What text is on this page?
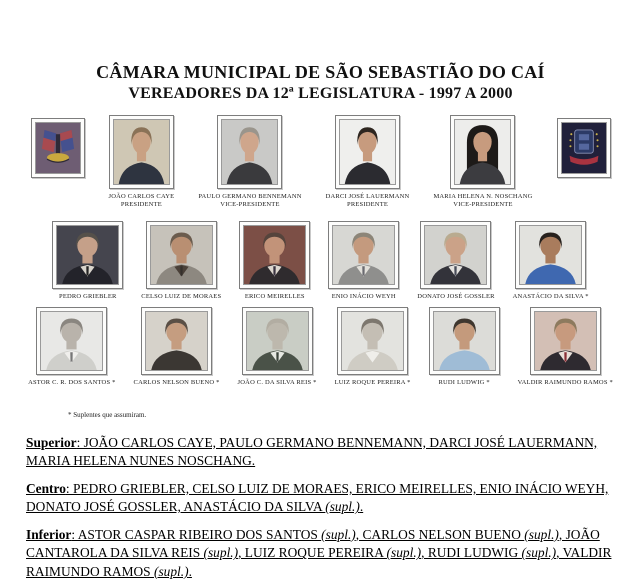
CÂMARA MUNICIPAL DE SÃO SEBASTIÃO DO CAÍ
VEREADORES DA 12ª LEGISLATURA - 1997 A 2000
JOÃO CARLOS CAYE
PRESIDENTE
PAULO GERMANO BENNEMANN
VICE-PRESIDENTE
DARCI JOSÉ LAUERMANN
PRESIDENTE
MARIA HELENA N. NOSCHANG
VICE-PRESIDENTE
PEDRO GRIEBLER	CELSO LUIZ DE MORAES	ERICO MEIRELLES	ENIO INÁCIO WEYH	DONATO JOSÉ GOSSLER	ANASTÁCIO DA SILVA *
ASTOR C. R. DOS SANTOS *	CARLOS NELSON BUENO *	JOÃO C. DA SILVA REIS *	LUIZ ROQUE PEREIRA *	RUDI LUDWIG *	VALDIR RAIMUNDO RAMOS *
* Suplentes que assumiram.

Superior: JOÃO CARLOS CAYE, PAULO GERMANO BENNEMANN, DARCI JOSÉ LAUERMANN, MARIA HELENA NUNES NOSCHANG.

Centro: PEDRO GRIEBLER, CELSO LUIZ DE MORAES, ERICO MEIRELLES, ENIO INÁCIO WEYH, DONATO JOSÉ GOSSLER, ANASTÁCIO DA SILVA (supl.).

Inferior: ASTOR CASPAR RIBEIRO DOS SANTOS (supl.), CARLOS NELSON BUENO (supl.), JOÃO CANTAROLA DA SILVA REIS (supl.), LUIZ ROQUE PEREIRA (supl.), RUDI LUDWIG (supl.), VALDIR RAIMUNDO RAMOS (supl.).
